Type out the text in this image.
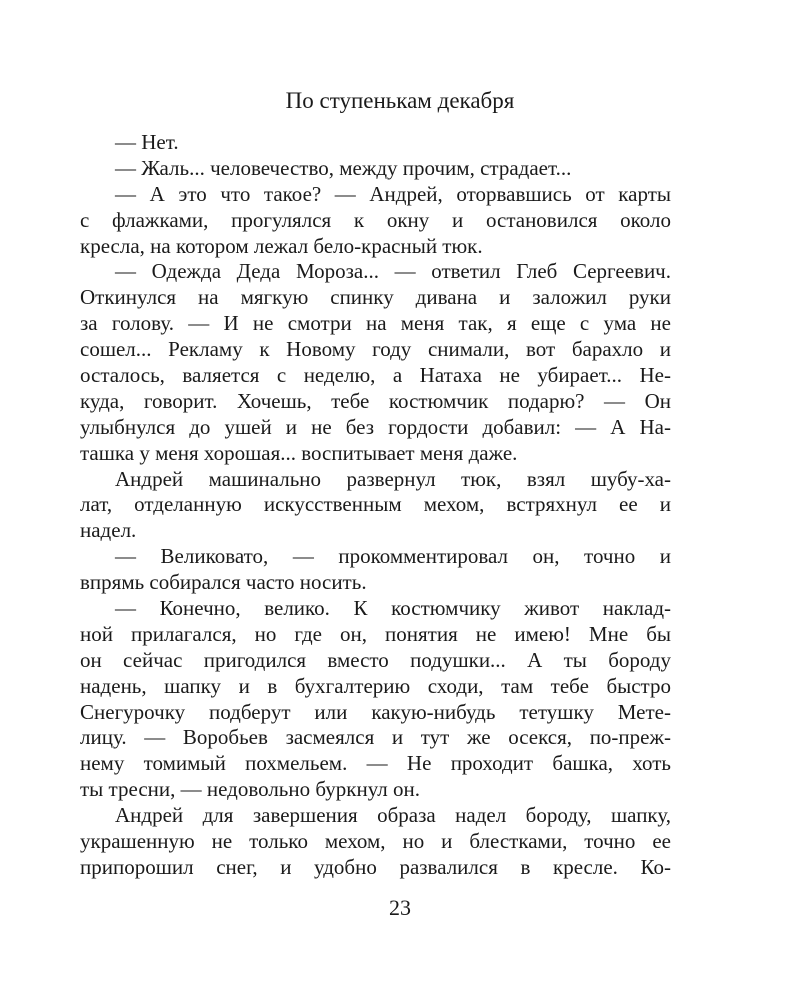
По ступенькам декабря
— Нет.
— Жаль... человечество, между прочим, страдает...
— А это что такое? — Андрей, оторвавшись от карты
с флажками, прогулялся к окну и остановился около
кресла, на котором лежал бело-красный тюк.
— Одежда Деда Мороза... — ответил Глеб Сергеевич.
Откинулся на мягкую спинку дивана и заложил руки
за голову. — И не смотри на меня так, я еще с ума не
сошел... Рекламу к Новому году снимали, вот барахло и
осталось, валяется с неделю, а Натаха не убирает... Не-
куда, говорит. Хочешь, тебе костюмчик подарю? — Он
улыбнулся до ушей и не без гордости добавил: — А На-
ташка у меня хорошая... воспитывает меня даже.
Андрей машинально развернул тюк, взял шубу-ха-
лат, отделанную искусственным мехом, встряхнул ее и
надел.
— Великовато, — прокомментировал он, точно и
впрямь собирался часто носить.
— Конечно, велико. К костюмчику живот наклад-
ной прилагался, но где он, понятия не имею! Мне бы
он сейчас пригодился вместо подушки... А ты бороду
надень, шапку и в бухгалтерию сходи, там тебе быстро
Снегурочку подберут или какую-нибудь тетушку Мете-
лицу. — Воробьев засмеялся и тут же осекся, по-преж-
нему томимый похмельем. — Не проходит башка, хоть
ты тресни, — недовольно буркнул он.
Андрей для завершения образа надел бороду, шапку,
украшенную не только мехом, но и блестками, точно ее
припорошил снег, и удобно развалился в кресле. Ко-
23
